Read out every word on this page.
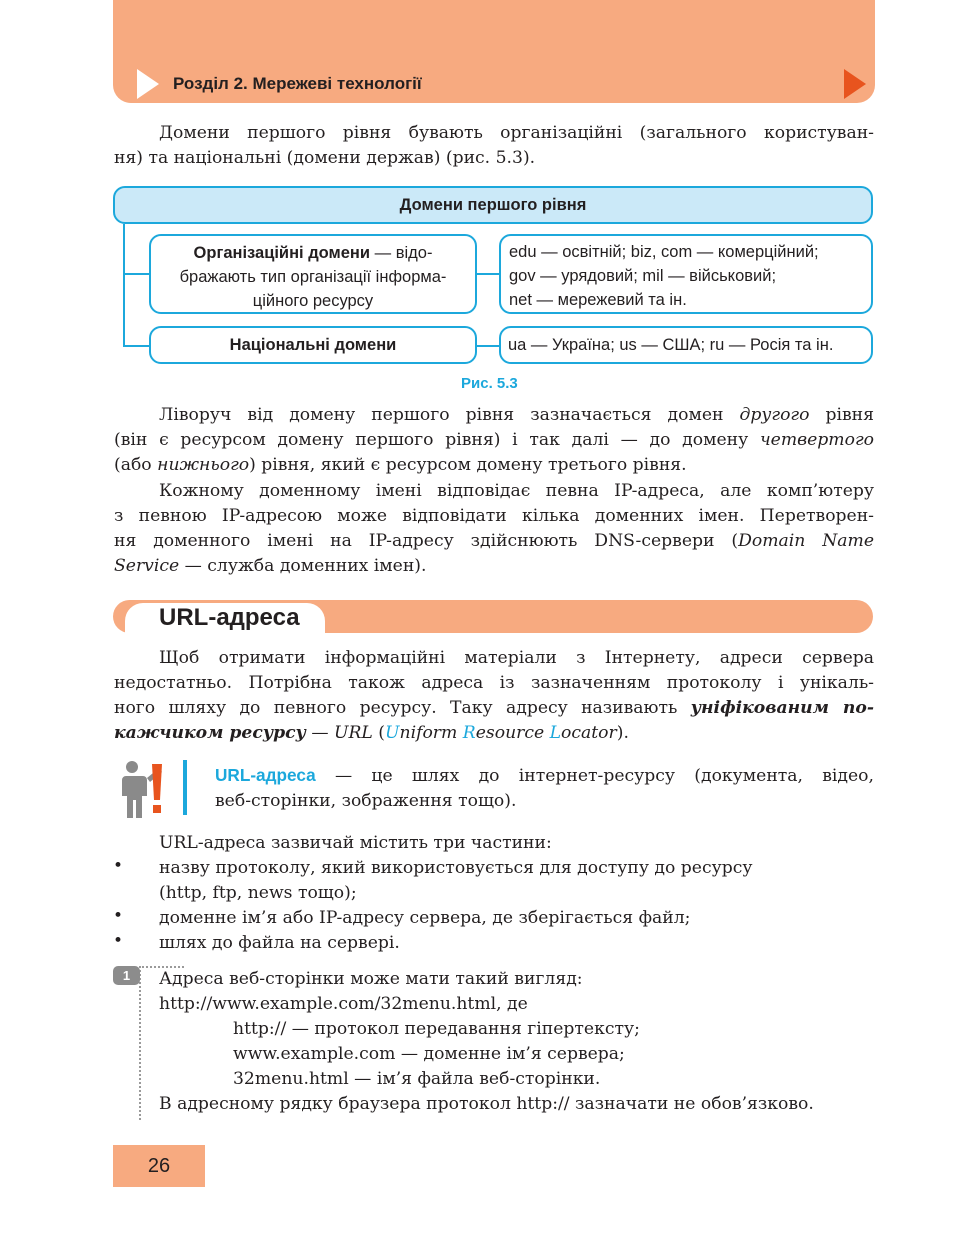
Розділ 2. Мережеві технології
Домени першого рівня бувають організаційні (загального користуван-
ня) та національні (домени держав) (рис. 5.3).
Домени першого рівня
Організаційні домени — відо-
бражають тип організації інформа-
ційного ресурсу
edu — освітній; biz, com — комерційний;
gov — урядовий; mil — військовий;
net — мережевий та ін.
Національні домени	ua — Україна; us — США; ru — Росія та ін.
Рис. 5.3
Ліворуч від домену першого рівня зазначається домен другого рівня
(він є ресурсом домену першого рівня) і так далі — до домену четвертого
(або нижнього) рівня, який є ресурсом домену третього рівня.
Кожному доменному імені відповідає певна IP-адреса, але комп’ютеру
з певною IP-адресою може відповідати кілька доменних імен. Перетворен-
ня доменного імені на IP-адресу здійснюють DNS-сервери (Domain Name
Service — служба доменних імен).
URL-адреса
Щоб отримати інформаційні матеріали з Інтернету, адреси сервера
недостатньо. Потрібна також адреса із зазначенням протоколу і унікаль-
ного шляху до певного ресурсу. Таку адресу називають уніфікованим по-
кажчиком ресурсу — URL (Uniform Resource Locator).
URL-адреса — це шлях до інтернет-ресурсу (документа, відео,
веб-сторінки, зображення тощо).
URL-адреса зазвичай містить три частини:
• назву протоколу, який використовується для доступу до ресурсу
(http, ftp, news тощо);
• доменне ім’я або IP-адресу сервера, де зберігається файл;
• шлях до файла на сервері.
1	Адреса веб-сторінки може мати такий вигляд:
http://www.example.com/32menu.html, де
http:// — протокол передавання гіпертексту;
www.example.com — доменне ім’я сервера;
32menu.html — ім’я файла веб-сторінки.
В адресному рядку браузера протокол http:// зазначати не обов’язково.
26
